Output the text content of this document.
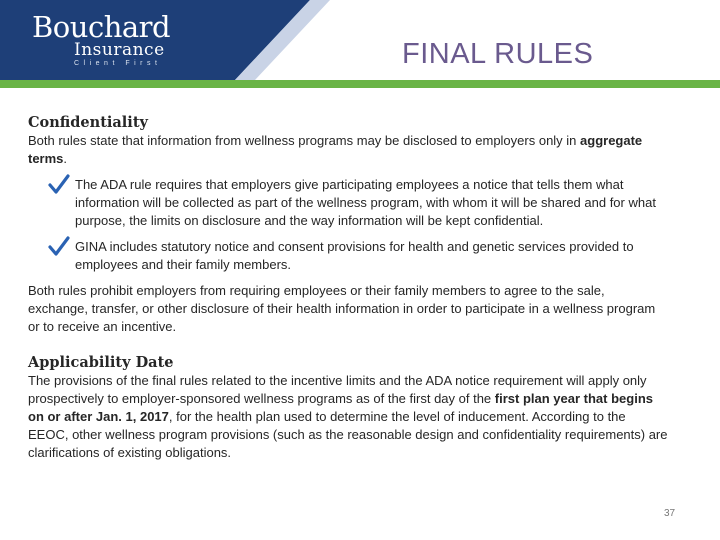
Bouchard
Insurance
Client First	FINAL RULES

Confidentiality

Both rules state that information from wellness programs may be disclosed to employers only in aggregate terms.

The ADA rule requires that employers give participating employees a notice that tells them what information will be collected as part of the wellness program, with whom it will be shared and for what purpose, the limits on disclosure and the way information will be kept confidential.
GINA includes statutory notice and consent provisions for health and genetic services provided to employees and their family members.

Both rules prohibit employers from requiring employees or their family members to agree to the sale, exchange, transfer, or other disclosure of their health information in order to participate in a wellness program or to receive an incentive.

Applicability Date

The provisions of the final rules related to the incentive limits and the ADA notice requirement will apply only prospectively to employer-sponsored wellness programs as of the first day of the first plan year that begins on or after Jan. 1, 2017, for the health plan used to determine the level of inducement. According to the EEOC, other wellness program provisions (such as the reasonable design and confidentiality requirements) are clarifications of existing obligations.

37
